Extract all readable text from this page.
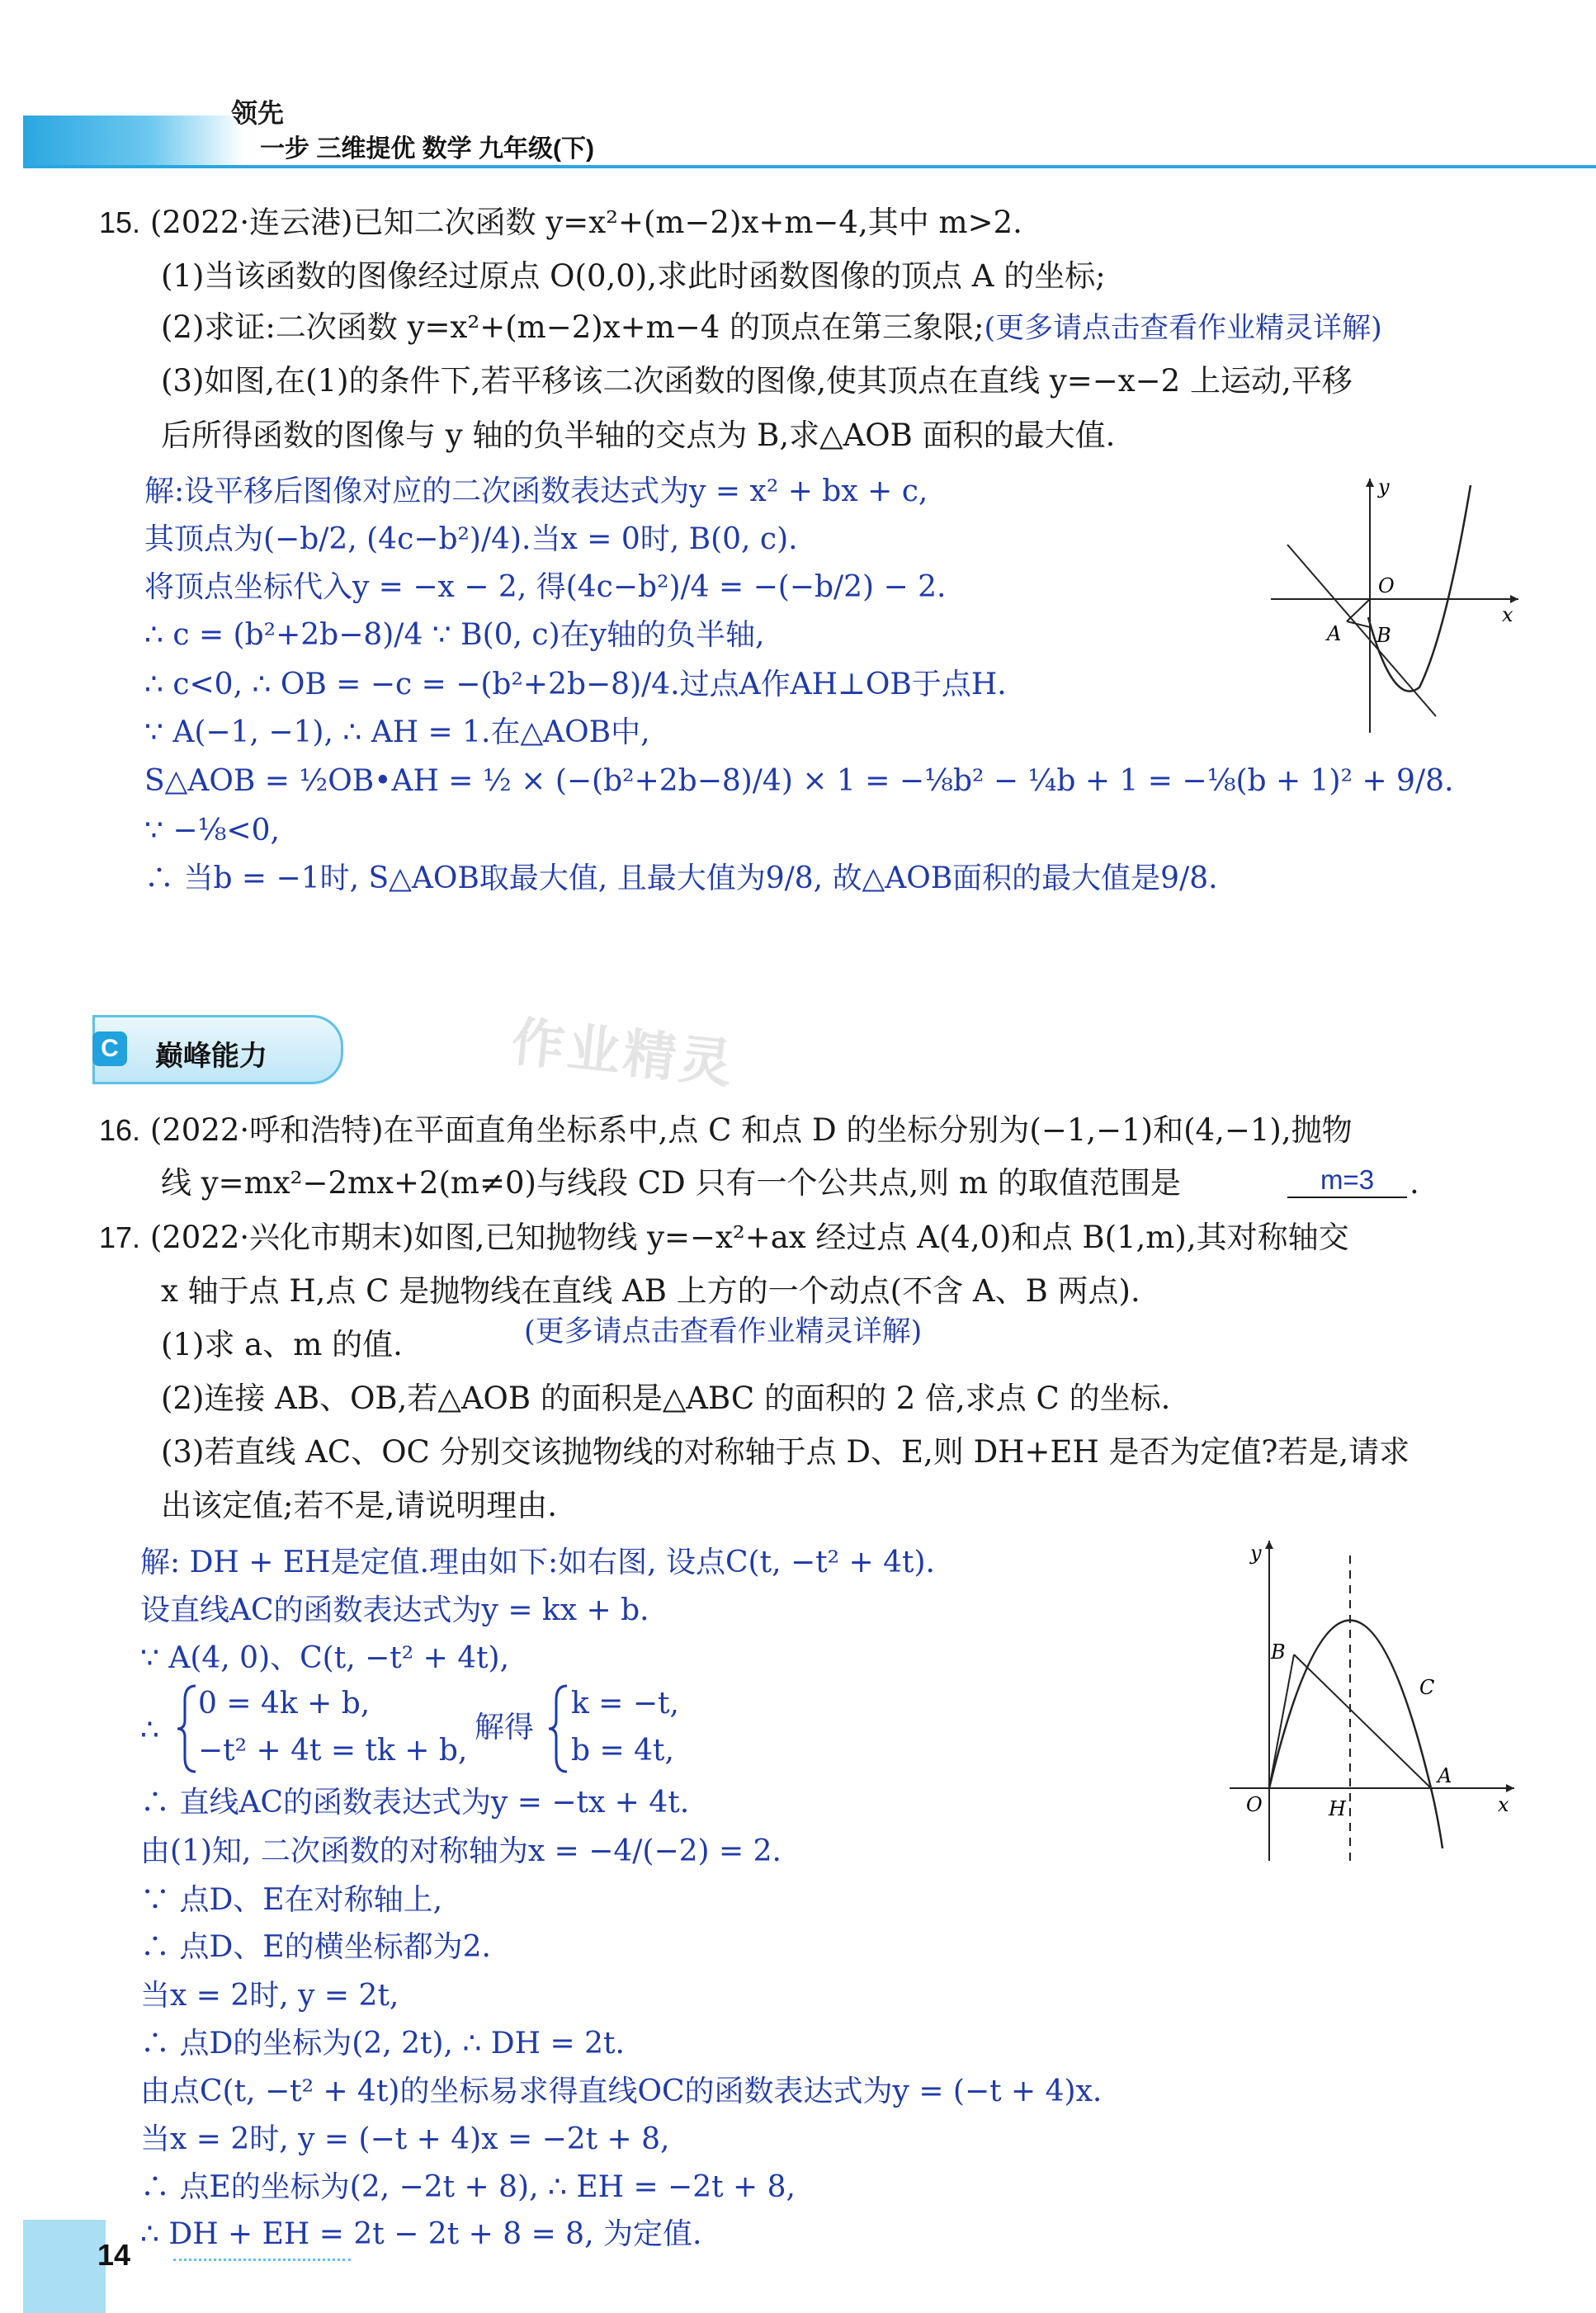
领先
一步 三维提优 数学 九年级(下)
15. (2022·连云港)已知二次函数 y=x²+(m−2)x+m−4,其中 m>2.
(1)当该函数的图像经过原点 O(0,0),求此时函数图像的顶点 A 的坐标;
(2)求证:二次函数 y=x²+(m−2)x+m−4 的顶点在第三象限;(更多请点击查看作业精灵详解)
(3)如图,在(1)的条件下,若平移该二次函数的图像,使其顶点在直线 y=−x−2 上运动,平移
后所得函数的图像与 y 轴的负半轴的交点为 B,求△AOB 面积的最大值.
解:设平移后图像对应的二次函数表达式为y = x² + bx + c,
其顶点为(−b/2, (4c−b²)/4).当x = 0时, B(0, c).
将顶点坐标代入y = −x − 2, 得(4c−b²)/4 = −(−b/2) − 2.
∴ c = (b²+2b−8)/4 ∵ B(0, c)在y轴的负半轴,
∴ c<0, ∴ OB = −c = −(b²+2b−8)/4.过点A作AH⊥OB于点H.
∵ A(−1, −1), ∴ AH = 1.在△AOB中,
S△AOB = ½OB•AH = ½ × (−(b²+2b−8)/4) × 1 = −⅛b² − ¼b + 1 = −⅛(b + 1)² + 9/8.
∵ −⅛<0,
∴ 当b = −1时, S△AOB取最大值, 且最大值为9/8, 故△AOB面积的最大值是9/8.
y
x
O
A B
C 巅峰能力	作业精灵
16. (2022·呼和浩特)在平面直角坐标系中,点 C 和点 D 的坐标分别为(−1,−1)和(4,−1),抛物
线 y=mx²−2mx+2(m≠0)与线段 CD 只有一个公共点,则 m 的取值范围是	m=3	.
17. (2022·兴化市期末)如图,已知抛物线 y=−x²+ax 经过点 A(4,0)和点 B(1,m),其对称轴交
x 轴于点 H,点 C 是抛物线在直线 AB 上方的一个动点(不含 A、B 两点).
(1)求 a、m 的值.	(更多请点击查看作业精灵详解)
(2)连接 AB、OB,若△AOB 的面积是△ABC 的面积的 2 倍,求点 C 的坐标.
(3)若直线 AC、OC 分别交该抛物线的对称轴于点 D、E,则 DH+EH 是否为定值?若是,请求
出该定值;若不是,请说明理由.
解: DH + EH是定值.理由如下:如右图, 设点C(t, −t² + 4t).
设直线AC的函数表达式为y = kx + b.
∵ A(4, 0)、C(t, −t² + 4t),
∴
0 = 4k + b,
−t² + 4t = tk + b,
解得
k = −t,
b = 4t,
∴ 直线AC的函数表达式为y = −tx + 4t.
由(1)知, 二次函数的对称轴为x = −4/(−2) = 2.
∵ 点D、E在对称轴上,
∴ 点D、E的横坐标都为2.
当x = 2时, y = 2t,
∴ 点D的坐标为(2, 2t), ∴ DH = 2t.
由点C(t, −t² + 4t)的坐标易求得直线OC的函数表达式为y = (−t + 4)x.
当x = 2时, y = (−t + 4)x = −2t + 8,
∴ 点E的坐标为(2, −2t + 8), ∴ EH = −2t + 8,
∴ DH + EH = 2t − 2t + 8 = 8, 为定值.
y
x
O
A
B
C
H
14
